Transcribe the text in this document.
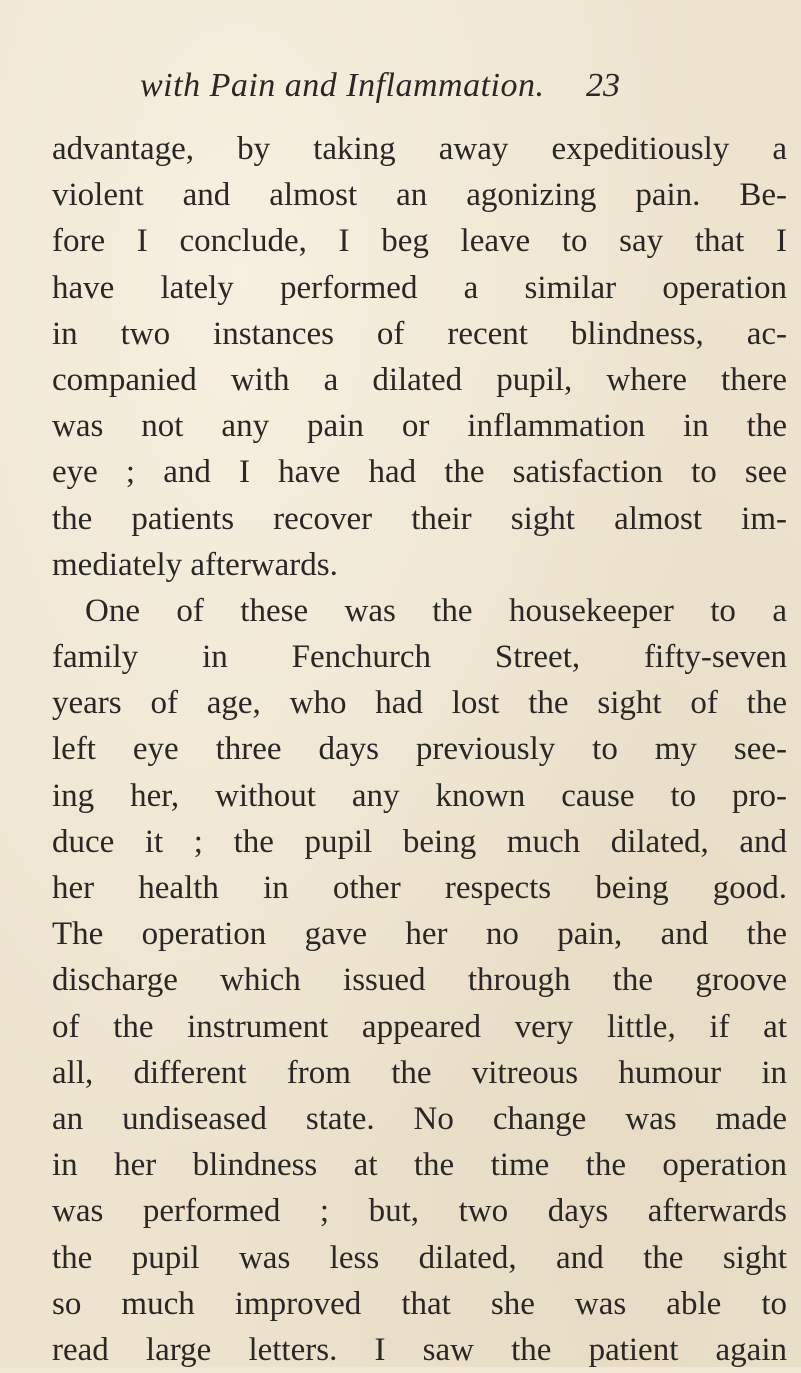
with Pain and Inflammation. 23
advantage, by taking away expeditiously a
violent and almost an agonizing pain. Be-
fore I conclude, I beg leave to say that I
have lately performed a similar operation
in two instances of recent blindness, ac-
companied with a dilated pupil, where there
was not any pain or inflammation in the
eye ; and I have had the satisfaction to see
the patients recover their sight almost im-
mediately afterwards.
One of these was the housekeeper to a
family in Fenchurch Street, fifty-seven
years of age, who had lost the sight of the
left eye three days previously to my see-
ing her, without any known cause to pro-
duce it ; the pupil being much dilated, and
her health in other respects being good.
The operation gave her no pain, and the
discharge which issued through the groove
of the instrument appeared very little, if at
all, different from the vitreous humour in
an undiseased state. No change was made
in her blindness at the time the operation
was performed ; but, two days afterwards
the pupil was less dilated, and the sight
so much improved that she was able to
read large letters. I saw the patient again
